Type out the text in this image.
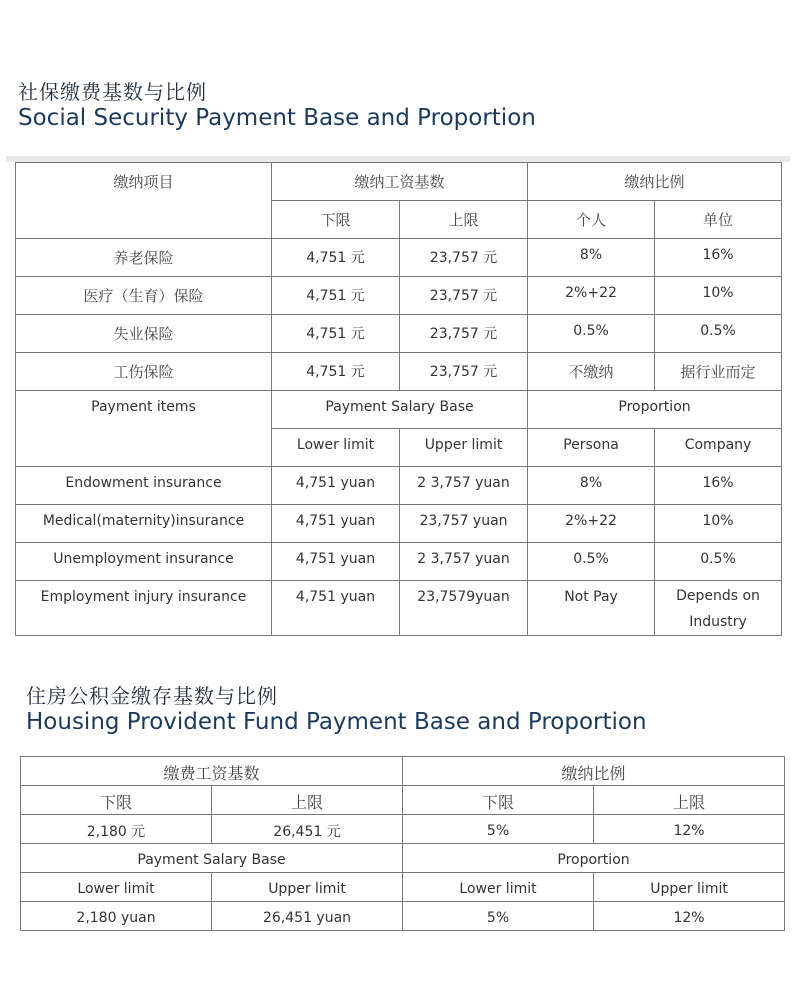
社保缴费基数与比例
Social Security Payment Base and Proportion
缴纳项目	缴纳工资基数		缴纳比例	
	下限	上限	个人	单位
养老保险	4,751 元	23,757 元	8%	16%
医疗（生育）保险	4,751 元	23,757 元	2%+22	10%
失业保险	4,751 元	23,757 元	0.5%	0.5%
工伤保险	4,751 元	23,757 元	不缴纳	据行业而定
Payment items	Payment Salary Base		Proportion	
	Lower limit	Upper limit	Persona	Company
Endowment insurance	4,751 yuan	2 3,757 yuan	8%	16%
Medical(maternity)insurance	4,751 yuan	23,757 yuan	2%+22	10%
Unemployment insurance	4,751 yuan	2 3,757 yuan	0.5%	0.5%
Employment injury insurance	4,751 yuan	23,7579yuan	Not Pay	Depends on Industry
住房公积金缴存基数与比例
Housing Provident Fund Payment Base and Proportion
缴费工资基数		缴纳比例	
下限	上限	下限	上限
2,180 元	26,451 元	5%	12%
Payment Salary Base		Proportion	
Lower limit	Upper limit	Lower limit	Upper limit
2,180 yuan	26,451 yuan	5%	12%
